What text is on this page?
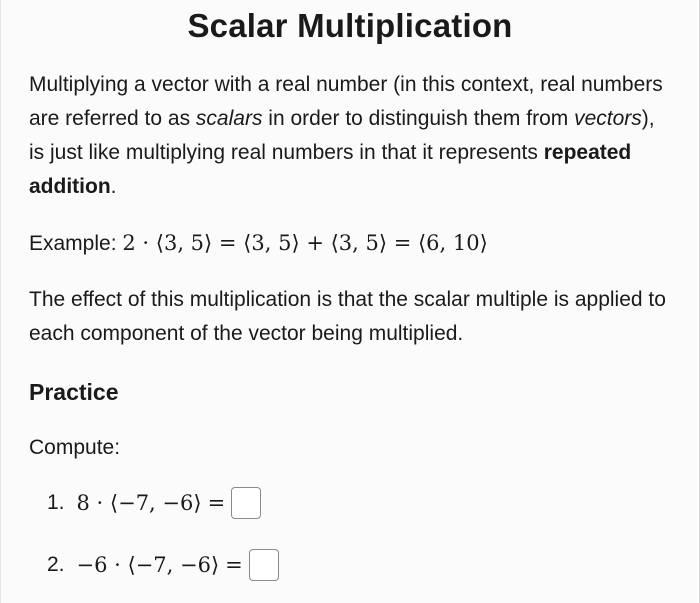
Scalar Multiplication

Multiplying a vector with a real number (in this context, real numbers are referred to as scalars in order to distinguish them from vectors), is just like multiplying real numbers in that it represents repeated addition.

Example: 2 · ⟨3, 5⟩ = ⟨3, 5⟩ + ⟨3, 5⟩ = ⟨6, 10⟩

The effect of this multiplication is that the scalar multiple is applied to each component of the vector being multiplied.

Practice

Compute:

1. 8 · ⟨−7, −6⟩ =
2. −6 · ⟨−7, −6⟩ =
